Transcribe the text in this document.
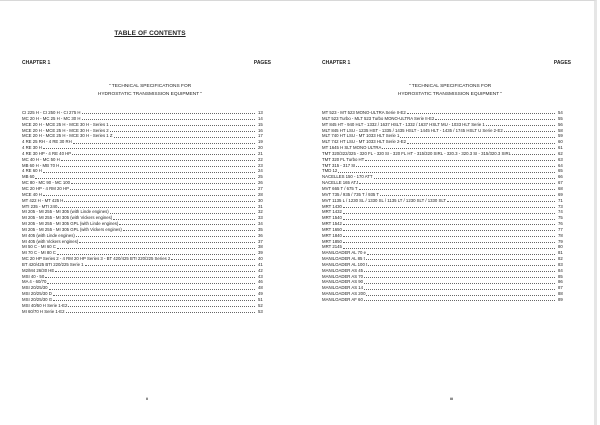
TABLE OF CONTENTS
CHAPTER 1	PAGES
" TECHNICAL SPECIFICATIONS FOR
HYDROSTATIC TRANSMISSION EQUIPMENT "
CI 225 H - CI 250 H - CI 275 H	13
MC 20 H - MC 25 H - MC 30 H	14
MCE 20 H - MCE 25 H - MCE 30 H - Series 1	15
MCE 20 H - MCE 25 H - MCE 30 H - Series 2	16
MCE 20 H - MCE 25 H - MCE 30 H - Series 1 Z	17
4 RE 25 RH - 4 RE 30 RH	19
4 RE 30 H	20
4 RE 30 HP - 4 RE 40 HP	21
MC 40 H - MC 50 H	22
MB 60 H - MB 70 H	23
4 RE 60 H	24
MB 60	25
MC 80 - MC 90 - MC 100	26
MC 20 HP - 4 RM 20 HP	27
MCE 40 H	28
MT 422 H - MT 425 H	30
MTI 235 - MTI 240	31
MI 205 - MI 255 - MI 305 (with Linde engines)	32
MI 205 - MI 255 - MI 305 (with Vickers engines)	33
MI 205 - MI 255 - MI 305 GPL (with Linde engines)	34
MI 205 - MI 255 - MI 305 GPL (with Vickers engines)	35
MI 405 (with Linde engines)	36
MI 405 (with Vickers engines)	37
MI 50 C - MI 60 C	38
MI 70 C - MI 80 C	39
MC 20 HP Series 2 - 4 RM 20 HP Series 3 - BT 420/425 BTI 220/225 Series 2	40
BT 420/425 BTI 220/225 Serie 1	41
M2/M4 26/30 HE	42
MSI 40 - 50	43
MA 4 - 60/70	46
MSI 20/25/30	48
MSI 20/25/30 D	49
MSI 20/25/30 G	51
MSI 40/50 H Serie 1-E2	52
MI 60/70 H Serie 1-E2	53
ii
CHAPTER 1	PAGES
" TECHNICAL SPECIFICATIONS FOR
HYDROSTATIC TRANSMISSION EQUIPMENT "
MT 523 - MT 523 MONO-ULTRA Serie II-E2	54
MLT 523 Turbo - MLT 523 Turbo MONO-ULTRA Serie II-E2	55
MT 845 HT - 940 HLT - 1332 / 1637 HSLT - 1332 / 1637 HSLT MU - 1033 HLT Serie 1	56
MLT 845 HT LSU - 1235 HST - 1335 / 1435 HSLT - 1445 HLT - 1435 / 1745 HSLT U Serie 2-E2	58
MLT 740 HT LSU - MT 1033 HLT Serie 1	59
MLT 742 HT LSU - MT 1033 HLT Serie 2-E2	60
MT 1645 H SLT MONO ULTRA	61
TMT 320/322/325 - 320 FL - 320 SI - 320 FL HT - 315/320 SIRL - 320.3 - 320.3 SI - 315/320.3 SIRL	62
TMT 320 FL Turbo HT	63
TMT 315 - 317 SI	64
TMD 12	65
NACELLES 150 - 170 ATT	66
NACELLE 165 ATJ	67
MVT 665 T / 675 T	68
MVT 735 / 935 / 735 T / 935 T	69
MVT 1135 L / 1230 SL / 1330 SL / 1135 LT / 1230 SLT / 1330 SLT	71
MRT 1430	73
MRT 1432	74
MRT 1540	75
MRT 1542	76
MRT 1650	77
MRT 1840	78
MRT 1850	79
MRT 2145	80
MANILOADER AL 70 e	81
MANILOADER AL 85 t	82
MANILOADER AL 100 t	83
MANILOADER AS 45	84
MANILOADER AS 70	85
MANILOADER AS 90	86
MANILOADER AS 14	87
MANILOADER AS 200	88
MANILOADER AF 60	89
iii
